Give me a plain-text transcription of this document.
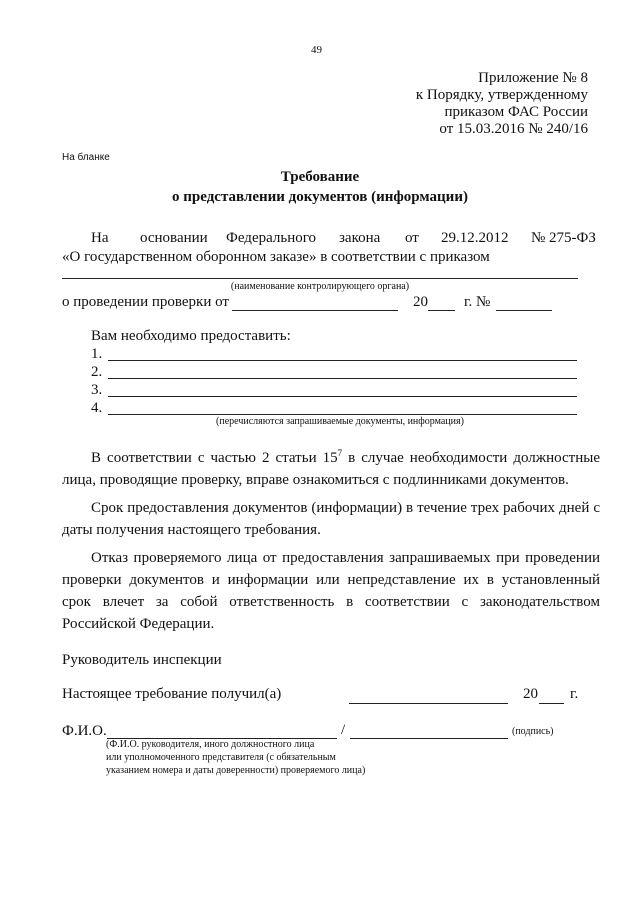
49
Приложение № 8
к Порядку, утвержденному
приказом ФАС России
от 15.03.2016 № 240/16
На бланке
Требование
о представлении документов (информации)
На основании Федерального закона от 29.12.2012 № 275-ФЗ
«О государственном оборонном заказе» в соответствии с приказом
(наименование контролирующего органа)
о проведении проверки от	20 г. №
Вам необходимо предоставить:
1.
2.
3.
4.
(перечисляются запрашиваемые документы, информация)
В соответствии с частью 2 статьи $15^7$ в случае необходимости должностные лица, проводящие проверку, вправе ознакомиться с подлинниками документов.
Срок предоставления документов (информации) в течение трех рабочих дней с даты получения настоящего требования.
Отказ проверяемого лица от предоставления запрашиваемых при проведении проверки документов и информации или непредставление их в установленный срок влечет за собой ответственность в соответствии с законодательством Российской Федерации.
Руководитель инспекции
Настоящее требование получил(а)	20 г.
Ф.И.О.	/	(подпись)
(Ф.И.О. руководителя, иного должностного лица
или уполномоченного представителя (с обязательным
указанием номера и даты доверенности) проверяемого лица)
